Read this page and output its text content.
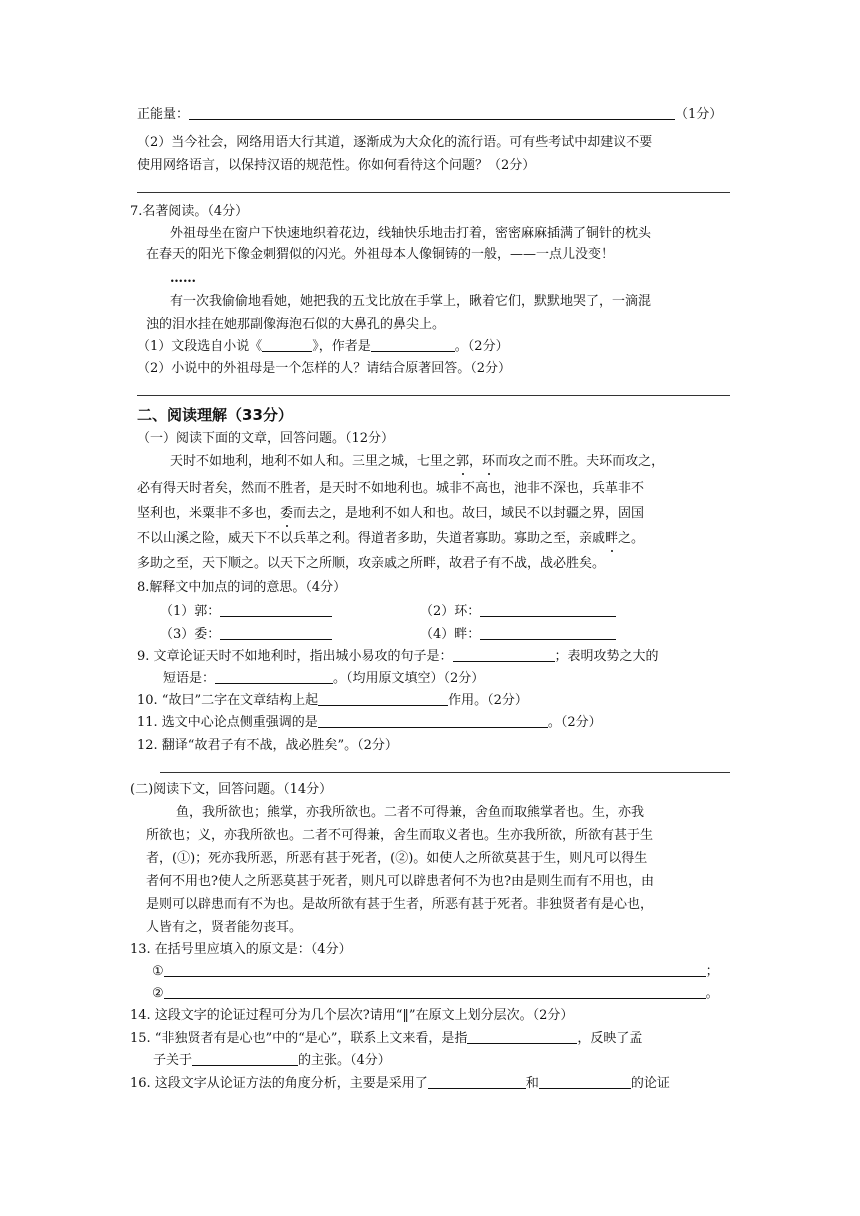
正能量：	（1分）
（2）当今社会，网络用语大行其道，逐渐成为大众化的流行语。可有些考试中却建议不要
使用网络语言，以保持汉语的规范性。你如何看待这个问题？（2分）
7.名著阅读。（4分）
外祖母坐在窗户下快速地织着花边，线轴快乐地击打着，密密麻麻插满了铜针的枕头
在春天的阳光下像金刺猬似的闪光。外祖母本人像铜铸的一般，——一点儿没变！
……
有一次我偷偷地看她，她把我的五戈比放在手掌上，瞅着它们，默默地哭了，一滴混
浊的泪水挂在她那副像海泡石似的大鼻孔的鼻尖上。
（1）文段选自小说《	》，作者是	。（2分）
（2）小说中的外祖母是一个怎样的人？请结合原著回答。（2分）
二、阅读理解（33分）
（一）阅读下面的文章，回答问题。（12分）
天时不如地利，地利不如人和。三里之城，七里之郭，环而攻之而不胜。夫环而攻之，
必有得天时者矣，然而不胜者，是天时不如地利也。城非不高也，池非不深也，兵革非不
坚利也，米粟非不多也，委而去之，是地利不如人和也。故曰，域民不以封疆之界，固国
不以山溪之险，威天下不以兵革之利。得道者多助，失道者寡助。寡助之至，亲戚畔之。
多助之至，天下顺之。以天下之所顺，攻亲戚之所畔，故君子有不战，战必胜矣。
8.解释文中加点的词的意思。（4分）
（1）郭：	（2）环：
（3）委：	（4）畔：
9. 文章论证天时不如地利时，指出城小易攻的句子是：	；表明攻势之大的
短语是：	。（均用原文填空）（2分）
10. “故曰”二字在文章结构上起	作用。（2分）
11. 选文中心论点侧重强调的是	。（2分）
12. 翻译“故君子有不战，战必胜矣”。（2分）
(二)阅读下文，回答问题。（14分）
鱼，我所欲也；熊掌，亦我所欲也。二者不可得兼，舍鱼而取熊掌者也。生，亦我
所欲也；义，亦我所欲也。二者不可得兼，舍生而取义者也。生亦我所欲，所欲有甚于生
者，(①)；死亦我所恶，所恶有甚于死者，(②)。如使人之所欲莫甚于生，则凡可以得生
者何不用也?使人之所恶莫甚于死者，则凡可以辟患者何不为也?由是则生而有不用也，由
是则可以辟患而有不为也。是故所欲有甚于生者，所恶有甚于死者。非独贤者有是心也，
人皆有之，贤者能勿丧耳。
13. 在括号里应填入的原文是：（4分）
①	；
②	。
14. 这段文字的论证过程可分为几个层次?请用“‖”在原文上划分层次。（2分）
15. “非独贤者有是心也”中的“是心”，联系上文来看，是指	，反映了孟
子关于	的主张。（4分）
16. 这段文字从论证方法的角度分析，主要是采用了	和	的论证
